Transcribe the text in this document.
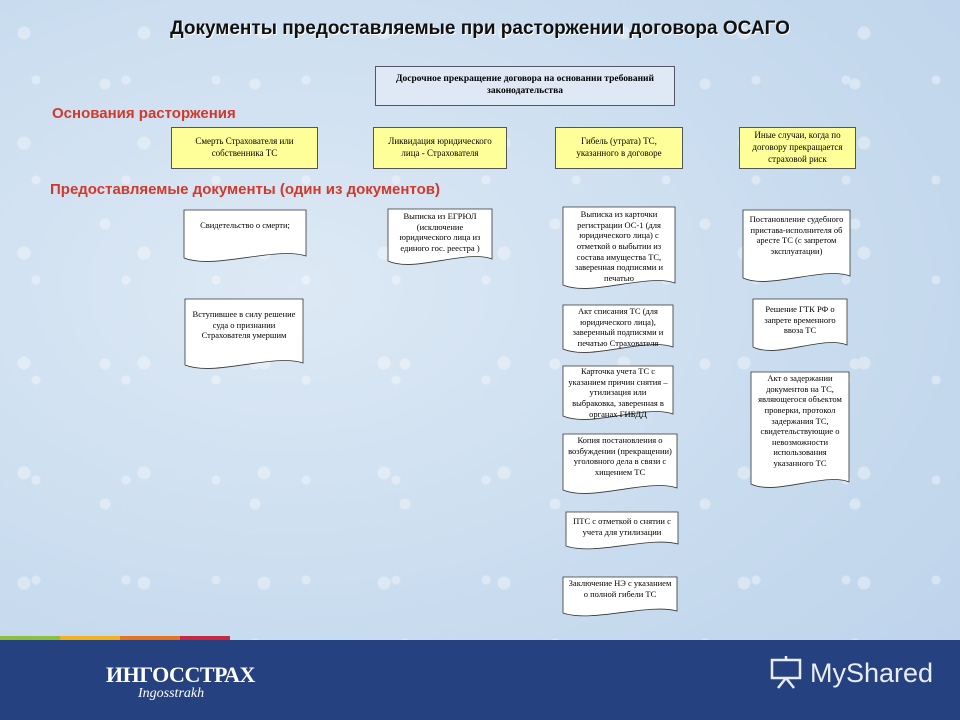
Документы предоставляемые при расторжении договора ОСАГО
Досрочное прекращение договора на основании требований законодательства
Основания расторжения
Смерть Страхователя или собственника ТС
Ликвидация юридического лица - Страхователя
Гибель (утрата) ТС, указанного в договоре
Иные случаи, когда по договору прекращается страховой риск
Предоставляемые документы (один из документов)
Свидетельство о смерти;
Вступившее в силу решение суда о признании Страхователя умершим
Выписка из ЕГРЮЛ (исключение юридического лица из единого гос. реестра )
Выписка из карточки регистрации ОС-1 (для юридического лица) с отметкой о выбытии из состава имущества ТС, заверенная подписями и печатью
Акт списания ТС (для юридического лица), заверенный подписями и печатью Страхователя
Карточка учета ТС с указанием причин снятия – утилизация или выбраковка, заверенная в органах ГИБДД
Копия постановления о возбуждении (прекращении) уголовного дела в связи с хищением ТС
ПТС с отметкой о снятии с учета для утилизации
Заключение НЭ с указанием о полной гибели ТС
Постановление судебного пристава-исполнителя об аресте ТС (с запретом эксплуатации)
Решение ГТК РФ о запрете временного ввоза ТС
Акт о задержании документов на ТС, являющегося объектом проверки, протокол задержания ТС, свидетельствующие о невозможности использования указанного ТС
ИНГОССТРАХ
Ingosstrakh
MyShared
